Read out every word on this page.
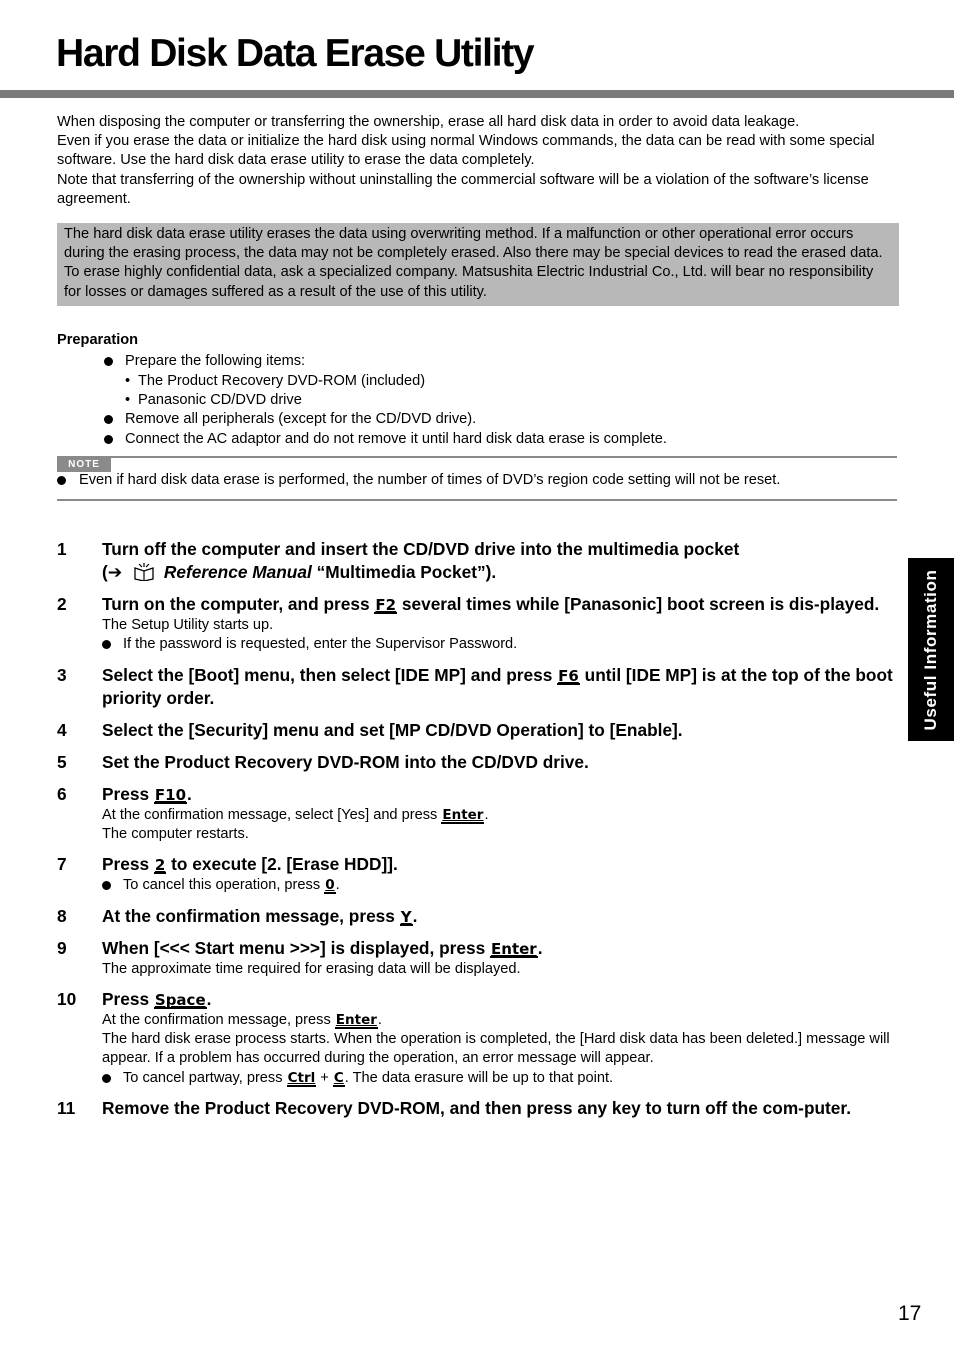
Hard Disk Data Erase Utility

When disposing the computer or transferring the ownership, erase all hard disk data in order to avoid data leakage.

Even if you erase the data or initialize the hard disk using normal Windows commands, the data can be read with some special software. Use the hard disk data erase utility to erase the data completely.

Note that transferring of the ownership without uninstalling the commercial software will be a violation of the software’s license agreement.

The hard disk data erase utility erases the data using overwriting method. If a malfunction or other operational error occurs during the erasing process, the data may not be completely erased. Also there may be special devices to read the erased data. To erase highly confidential data, ask a specialized company. Matsushita Electric Industrial Co., Ltd. will bear no responsibility for losses or damages suffered as a result of the use of this utility.
Preparation
Prepare the following items:
• The Product Recovery DVD-ROM (included)
• Panasonic CD/DVD drive
Remove all peripherals (except for the CD/DVD drive).
Connect the AC adaptor and do not remove it until hard disk data erase is complete.
NOTE
Even if hard disk data erase is performed, the number of times of DVD’s region code setting will not be reset.
1 Turn off the computer and insert the CD/DVD drive into the multimedia pocket
(➔ Reference Manual “Multimedia Pocket”).
2 Turn on the computer, and press F2 several times while [Panasonic] boot screen is dis-played.
The Setup Utility starts up.
If the password is requested, enter the Supervisor Password.
3 Select the [Boot] menu, then select [IDE MP] and press F6 until [IDE MP] is at the top of the boot priority order.
4 Select the [Security] menu and set [MP CD/DVD Operation] to [Enable].
5 Set the Product Recovery DVD-ROM into the CD/DVD drive.
6 Press F10.
At the confirmation message, select [Yes] and press Enter.
The computer restarts.
7 Press 2 to execute [2. [Erase HDD]].
To cancel this operation, press 0.
8 At the confirmation message, press Y.
9 When [<<< Start menu >>>] is displayed, press Enter.
The approximate time required for erasing data will be displayed.
10 Press Space.
At the confirmation message, press Enter.
The hard disk erase process starts. When the operation is completed, the [Hard disk data has been deleted.] message will appear. If a problem has occurred during the operation, an error message will appear.
To cancel partway, press Ctrl + C. The data erasure will be up to that point.
11 Remove the Product Recovery DVD-ROM, and then press any key to turn off the com-puter.
Useful Information
17
